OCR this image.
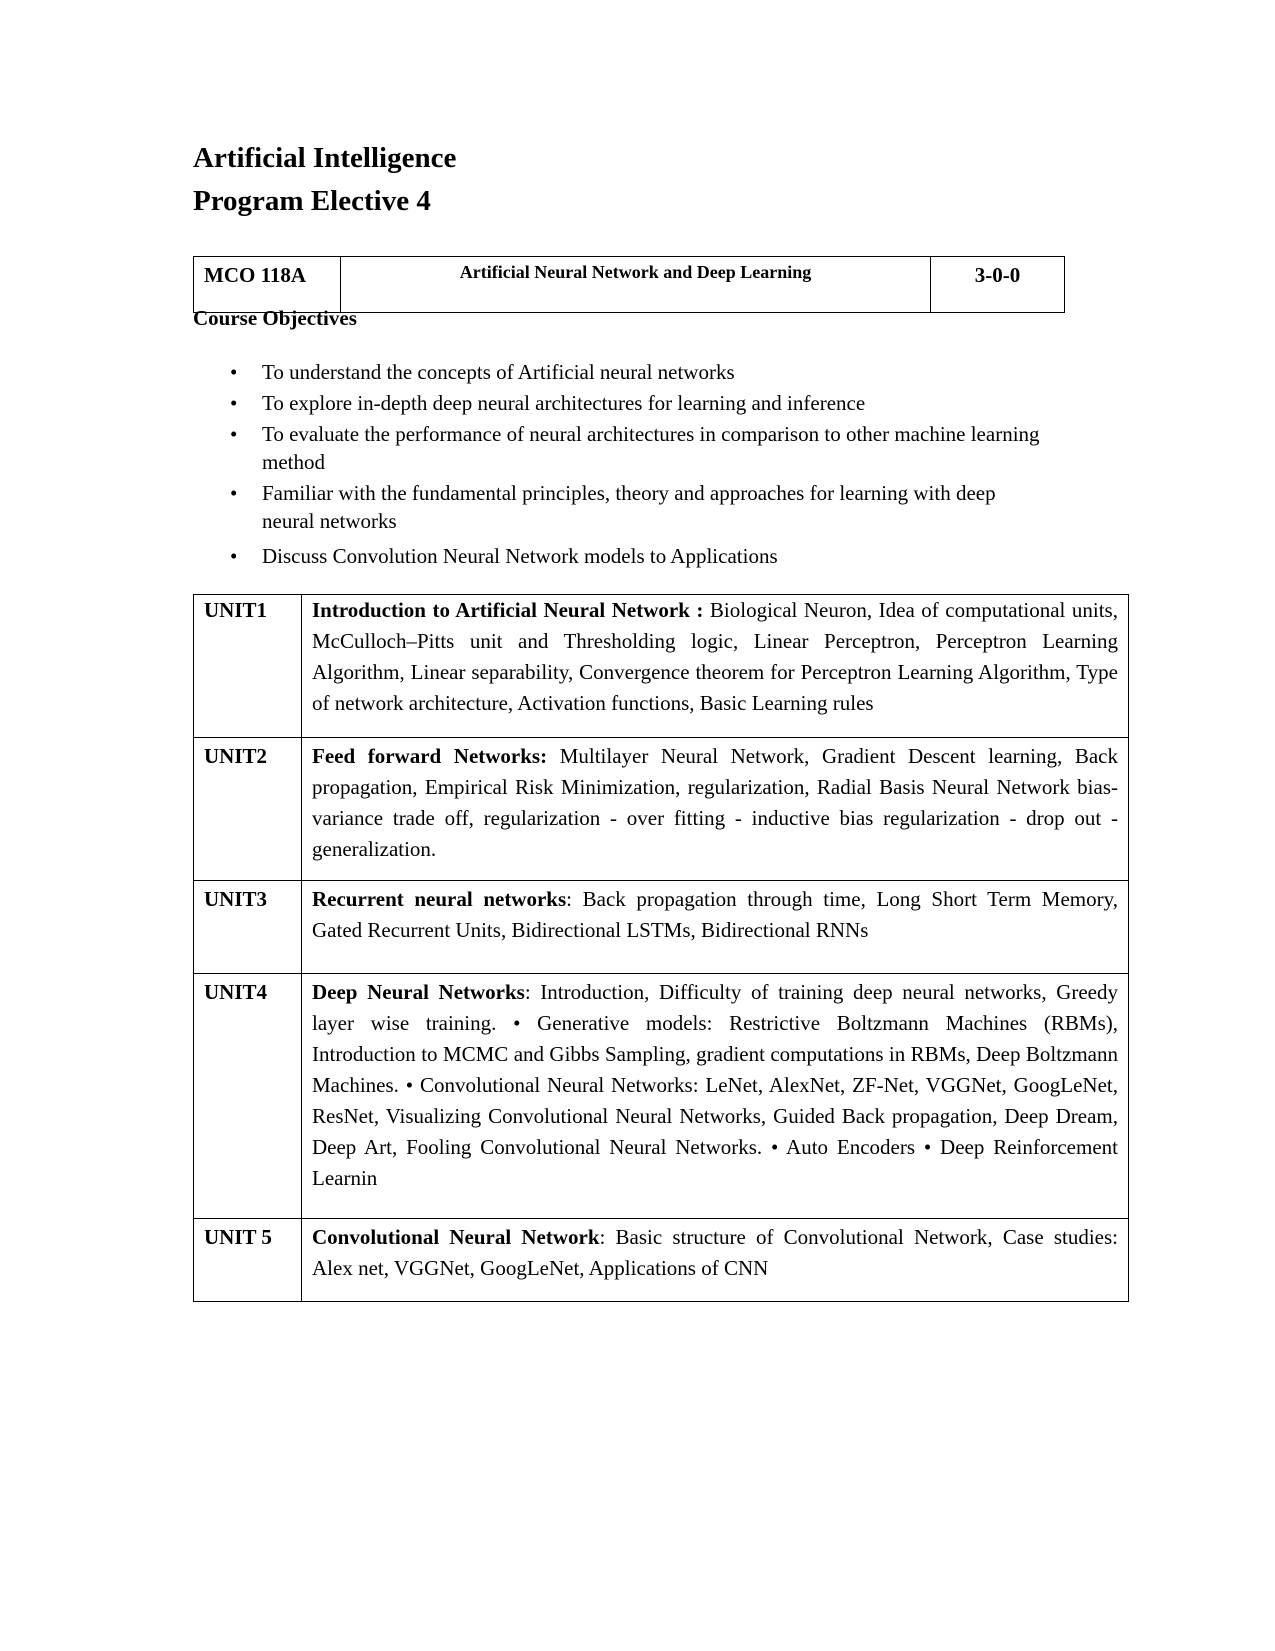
Artificial Intelligence
Program Elective 4
MCO 118A	Artificial Neural Network and Deep Learning	3-0-0
Course Objectives
• To understand the concepts of Artificial neural networks
• To explore in-depth deep neural architectures for learning and inference
• To evaluate the performance of neural architectures in comparison to other machine learning method
• Familiar with the fundamental principles, theory and approaches for learning with deep neural networks
• Discuss Convolution Neural Network models to Applications
UNIT1	Introduction to Artificial Neural Network : Biological Neuron, Idea of computational units, McCulloch–Pitts unit and Thresholding logic, Linear Perceptron, Perceptron Learning Algorithm, Linear separability, Convergence theorem for Perceptron Learning Algorithm, Type of network architecture, Activation functions, Basic Learning rules
UNIT2	Feed forward Networks: Multilayer Neural Network, Gradient Descent learning, Back propagation, Empirical Risk Minimization, regularization, Radial Basis Neural Network bias-variance trade off, regularization - over fitting - inductive bias regularization - drop out - generalization.
UNIT3	Recurrent neural networks: Back propagation through time, Long Short Term Memory, Gated Recurrent Units, Bidirectional LSTMs, Bidirectional RNNs
UNIT4	Deep Neural Networks: Introduction, Difficulty of training deep neural networks, Greedy layer wise training. • Generative models: Restrictive Boltzmann Machines (RBMs), Introduction to MCMC and Gibbs Sampling, gradient computations in RBMs, Deep Boltzmann Machines. • Convolutional Neural Networks: LeNet, AlexNet, ZF-Net, VGGNet, GoogLeNet, ResNet, Visualizing Convolutional Neural Networks, Guided Back propagation, Deep Dream, Deep Art, Fooling Convolutional Neural Networks. • Auto Encoders • Deep Reinforcement Learnin
UNIT 5	Convolutional Neural Network: Basic structure of Convolutional Network, Case studies: Alex net, VGGNet, GoogLeNet, Applications of CNN
